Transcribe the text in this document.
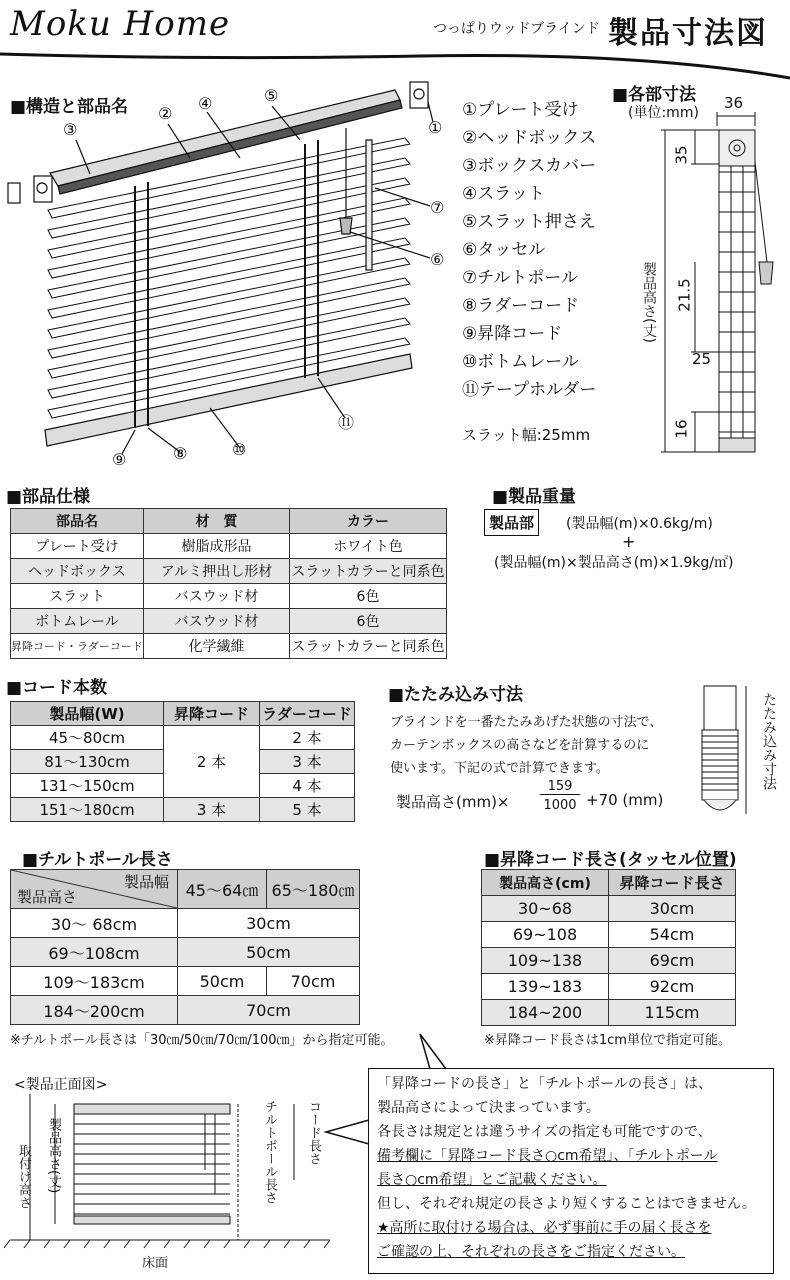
Moku Home	つっぱりウッドブラインド 製品寸法図
■構造と部品名
①
②
③
④	⑤
⑥
⑦
⑧
⑨
⑩
⑪
①プレート受け
②ヘッドボックス
③ボックスカバー
④スラット
⑤スラット押さえ
⑥タッセル
⑦チルトポール
⑧ラダーコード
⑨昇降コード
⑩ボトムレール
⑪テープホルダー
スラット幅:25mm
■各部寸法
(単位:mm)
36
35
21.5
25
16
製品高さ(丈)
■部品仕様
部品名	材　質	カラー
プレート受け	樹脂成形品	ホワイト色
ヘッドボックス	アルミ押出し形材	スラットカラーと同系色
スラット	バスウッド材	6色
ボトムレール	バスウッド材	6色
昇降コード・ラダーコード	化学繊維	スラットカラーと同系色
■製品重量
製品部	(製品幅(m)×0.6kg/m)
+
(製品幅(m)×製品高さ(m)×1.9kg/㎡)
■コード本数
製品幅(W)	昇降コード	ラダーコード
45～80cm	2 本	2 本
81～130cm		3 本
131～150cm		4 本
151～180cm	3 本	5 本
■たたみ込み寸法
ブラインドを一番たたみあげた状態の寸法で、
カーテンボックスの高さなどを計算するのに
使います。下記の式で計算できます。
製品高さ(mm)×
159
1000 +70 (mm)
たたみ込み寸法
■チルトポール長さ
製品幅
製品高さ	45～64㎝	65～180㎝
30～ 68cm	30cm	
69～108cm	50cm	
109～183cm	50cm	70cm
184～200cm	70cm	
※チルトポール長さは「30㎝/50㎝/70㎝/100㎝」から指定可能。
■昇降コード長さ(タッセル位置)
製品高さ(cm)	昇降コード長さ
30~68	30cm
69~108	54cm
109~138	69cm
139~183	92cm
184~200	115cm
※昇降コード長さは1cm単位で指定可能。
<製品正面図>
取付け高さ	製品高さ(丈)	チルトポール長さ	コード長さ
床面
「昇降コードの長さ」と「チルトポールの長さ」は、
製品高さによって決まっています。
各長さは規定とは違うサイズの指定も可能ですので、
備考欄に「昇降コード長さ○cm希望」、「チルトポール
長さ○cm希望」とご記載ください。
但し、それぞれ規定の長さより短くすることはできません。
★高所に取付ける場合は、必ず事前に手の届く長さを
ご確認の上、それぞれの長さをご指定ください。
